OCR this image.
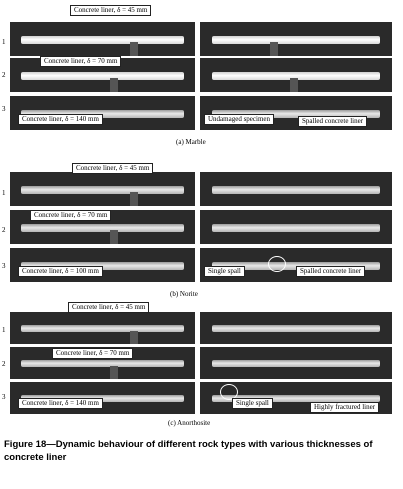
1
2
3
Concrete liner, δ = 45 mm
Concrete liner, δ = 70 mm
Concrete liner, δ = 140 mm	Undamaged specimen	Spalled concrete liner
(a) Marble
1
2
3
Concrete liner, δ = 45 mm
Concrete liner, δ = 70 mm
Concrete liner, δ = 100 mm	Single spall	Spalled concrete liner
(b) Norite
1
2
3
Concrete liner, δ = 45 mm
Concrete liner, δ = 70 mm
Concrete liner, δ = 140 mm	Single spall	Highly fractured liner
(c) Anorthosite
Figure 18—Dynamic behaviour of different rock types with various thicknesses of concrete liner
